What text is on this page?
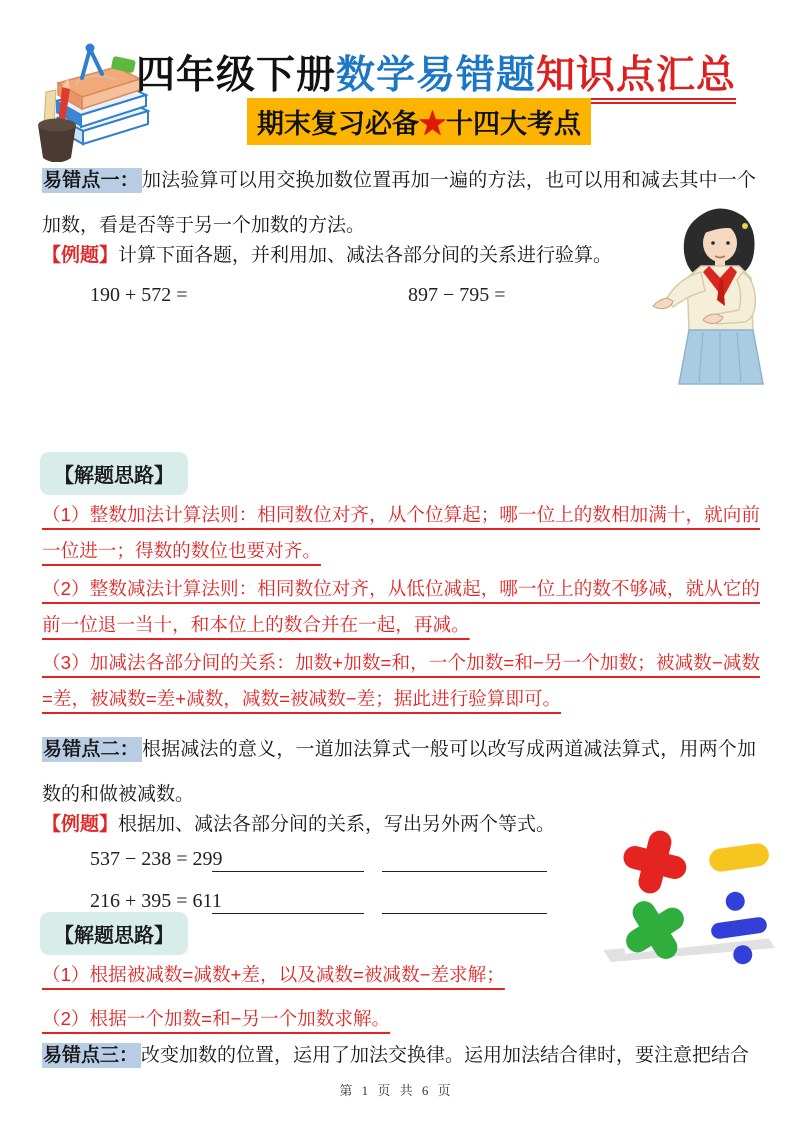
四年级下册数学易错题知识点汇总
期末复习必备★十四大考点
易错点一： 加法验算可以用交换加数位置再加一遍的方法，也可以用和减去其中一个加数，看是否等于另一个加数的方法。
【例题】计算下面各题，并利用加、减法各部分间的关系进行验算。
190 + 572 =	897 − 795 =
【解题思路】

（1）整数加法计算法则：相同数位对齐，从个位算起；哪一位上的数相加满十，就向前一位进一；得数的数位也要对齐。

（2）整数减法计算法则：相同数位对齐，从低位减起，哪一位上的数不够减，就从它的前一位退一当十，和本位上的数合并在一起，再减。

（3）加减法各部分间的关系：加数+加数=和，一个加数=和−另一个加数；被减数−减数=差，被减数=差+减数，减数=被减数−差；据此进行验算即可。

易错点二： 根据减法的意义，一道加法算式一般可以改写成两道减法算式，用两个加数的和做被减数。
【例题】根据加、减法各部分间的关系，写出另外两个等式。
537 − 238 = 299
216 + 395 = 611
【解题思路】

（1）根据被减数=减数+差，以及减数=被减数−差求解；

（2）根据一个加数=和−另一个加数求解。

易错点三： 改变加数的位置，运用了加法交换律。运用加法结合律时，要注意把结合
第 1 页 共 6 页
